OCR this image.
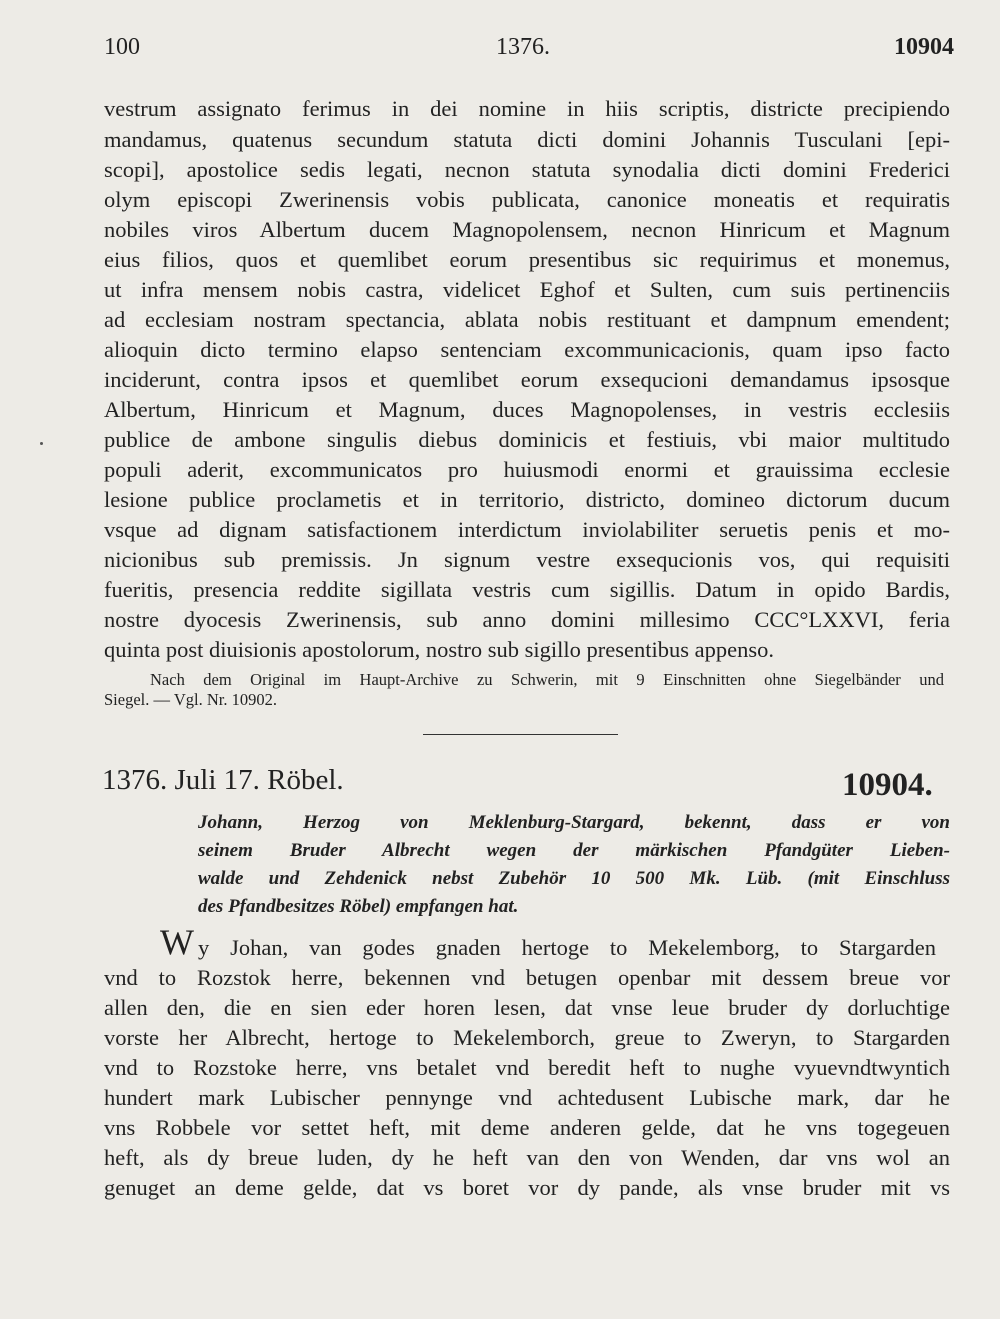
100	1376.	10904
vestrum assignato ferimus in dei nomine in hiis scriptis, districte precipiendo
mandamus, quatenus secundum statuta dicti domini Johannis Tusculani [epi-
scopi], apostolice sedis legati, necnon statuta synodalia dicti domini Frederici
olym episcopi Zwerinensis vobis publicata, canonice moneatis et requiratis
nobiles viros Albertum ducem Magnopolensem, necnon Hinricum et Magnum
eius filios, quos et quemlibet eorum presentibus sic requirimus et monemus,
ut infra mensem nobis castra, videlicet Eghof et Sulten, cum suis pertinenciis
ad ecclesiam nostram spectancia, ablata nobis restituant et dampnum emendent;
alioquin dicto termino elapso sentenciam excommunicacionis, quam ipso facto
inciderunt, contra ipsos et quemlibet eorum exsequcioni demandamus ipsosque
Albertum, Hinricum et Magnum, duces Magnopolenses, in vestris ecclesiis
publice de ambone singulis diebus dominicis et festiuis, vbi maior multitudo
populi aderit, excommunicatos pro huiusmodi enormi et grauissima ecclesie
lesione publice proclametis et in territorio, districto, domineo dictorum ducum
vsque ad dignam satisfactionem interdictum inviolabiliter seruetis penis et mo-
nicionibus sub premissis. Jn signum vestre exsequcionis vos, qui requisiti
fueritis, presencia reddite sigillata vestris cum sigillis. Datum in opido Bardis,
nostre dyocesis Zwerinensis, sub anno domini millesimo CCC°LXXVI, feria
quinta post diuisionis apostolorum, nostro sub sigillo presentibus appenso.
Nach dem Original im Haupt-Archive zu Schwerin, mit 9 Einschnitten ohne Siegelbänder und
Siegel. — Vgl. Nr. 10902.
1376. Juli 17. Röbel.	10904.
Johann, Herzog von Meklenburg-Stargard, bekennt, dass er von
seinem Bruder Albrecht wegen der märkischen Pfandgüter Lieben-
walde und Zehdenick nebst Zubehör 10 500 Mk. Lüb. (mit Einschluss
des Pfandbesitzes Röbel) empfangen hat.
W y Johan, van godes gnaden hertoge to Mekelemborg, to Stargarden
vnd to Rozstok herre, bekennen vnd betugen openbar mit dessem breue vor
allen den, die en sien eder horen lesen, dat vnse leue bruder dy dorluchtige
vorste her Albrecht, hertoge to Mekelemborch, greue to Zweryn, to Stargarden
vnd to Rozstoke herre, vns betalet vnd beredit heft to nughe vyuevndtwyntich
hundert mark Lubischer pennynge vnd achtedusent Lubische mark, dar he
vns Robbele vor settet heft, mit deme anderen gelde, dat he vns togegeuen
heft, als dy breue luden, dy he heft van den von Wenden, dar vns wol an
genuget an deme gelde, dat vs boret vor dy pande, als vnse bruder mit vs
